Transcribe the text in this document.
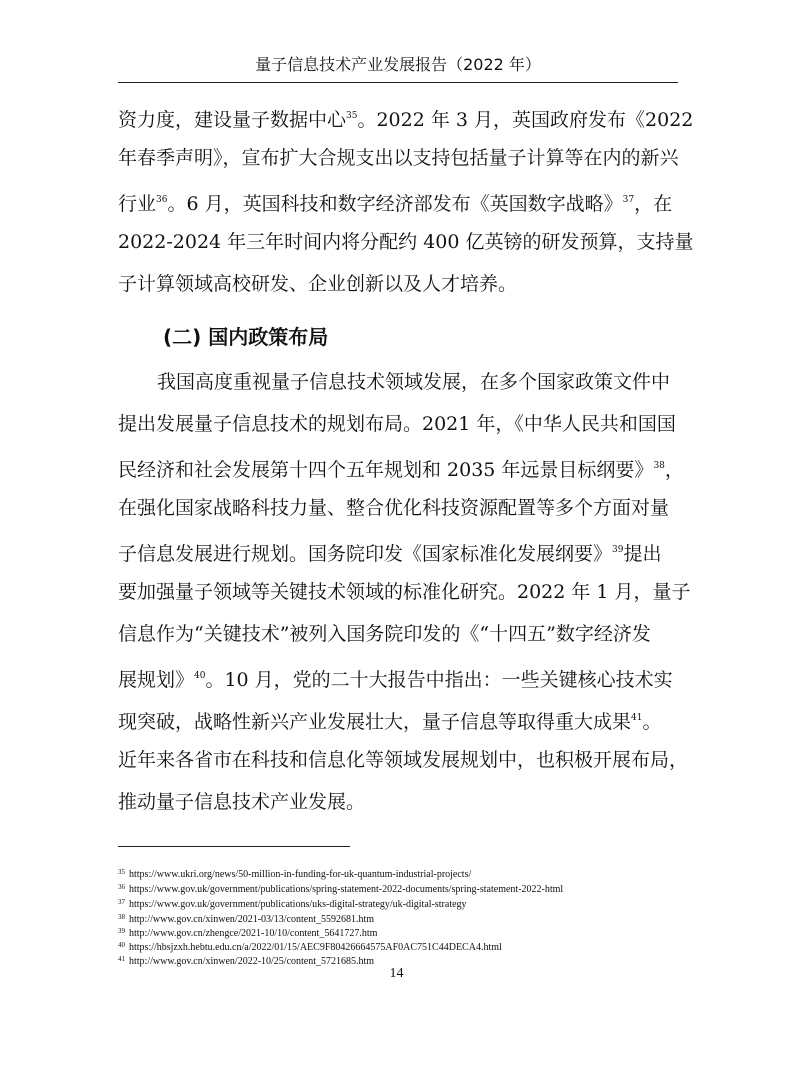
量子信息技术产业发展报告（2022 年）
资力度，建设量子数据中心$^{35}$。2022 年 3 月，英国政府发布《2022
年春季声明》，宣布扩大合规支出以支持包括量子计算等在内的新兴
行业$^{36}$。6 月，英国科技和数字经济部发布《英国数字战略》$^{37}$，在
2022-2024 年三年时间内将分配约 400 亿英镑的研发预算，支持量
子计算领域高校研发、企业创新以及人才培养。
(二) 国内政策布局
我国高度重视量子信息技术领域发展，在多个国家政策文件中
提出发展量子信息技术的规划布局。2021 年，《中华人民共和国国
民经济和社会发展第十四个五年规划和 2035 年远景目标纲要》$^{38}$，
在强化国家战略科技力量、整合优化科技资源配置等多个方面对量
子信息发展进行规划。国务院印发《国家标准化发展纲要》$^{39}$提出
要加强量子领域等关键技术领域的标准化研究。2022 年 1 月，量子
信息作为“关键技术”被列入国务院印发的《“十四五”数字经济发
展规划》$^{40}$。10 月，党的二十大报告中指出：一些关键核心技术实
现突破，战略性新兴产业发展壮大，量子信息等取得重大成果$^{41}$。
近年来各省市在科技和信息化等领域发展规划中，也积极开展布局，
推动量子信息技术产业发展。
$^{35}$ https://www.ukri.org/news/50-million-in-funding-for-uk-quantum-industrial-projects/
$^{36}$ https://www.gov.uk/government/publications/spring-statement-2022-documents/spring-statement-2022-html
$^{37}$ https://www.gov.uk/government/publications/uks-digital-strategy/uk-digital-strategy
$^{38}$ http://www.gov.cn/xinwen/2021-03/13/content_5592681.htm
$^{39}$ http://www.gov.cn/zhengce/2021-10/10/content_5641727.htm
$^{40}$ https://hbsjzxh.hebtu.edu.cn/a/2022/01/15/AEC9F80426664575AF0AC751C44DECA4.html
$^{41}$ http://www.gov.cn/xinwen/2022-10/25/content_5721685.htm
14
